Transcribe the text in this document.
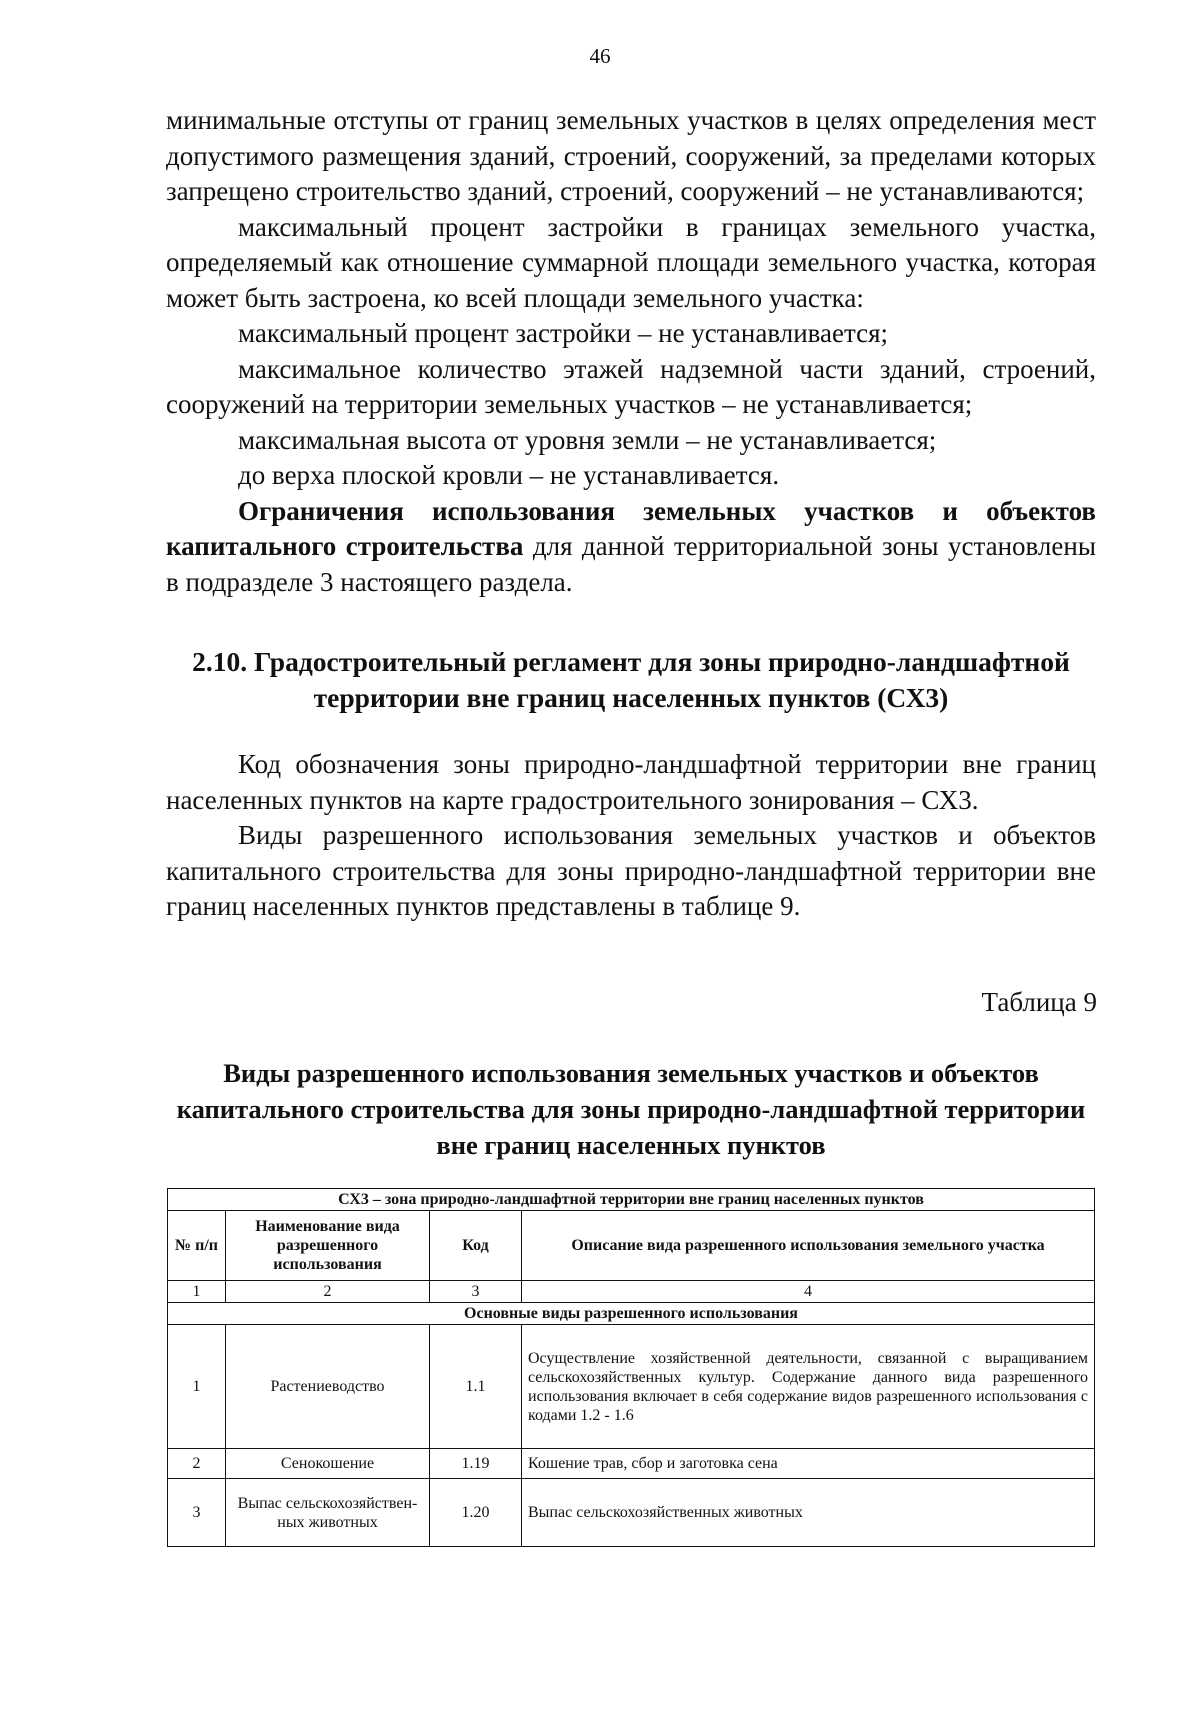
46

минимальные отступы от границ земельных участков в целях определения мест допустимого размещения зданий, строений, сооружений, за пределами которых запрещено строительство зданий, строений, сооружений – не устанавливаются;

максимальный процент застройки в границах земельного участка, определяемый как отношение суммарной площади земельного участка, которая может быть застроена, ко всей площади земельного участка:

максимальный процент застройки – не устанавливается;

максимальное количество этажей надземной части зданий, строений, сооружений на территории земельных участков – не устанавливается;

максимальная высота от уровня земли – не устанавливается;

до верха плоской кровли – не устанавливается.

Ограничения использования земельных участков и объектов капитального строительства для данной территориальной зоны установлены в подразделе 3 настоящего раздела.

2.10. Градостроительный регламент для зоны природно-ландшафтной территории вне границ населенных пунктов (СХ3)

Код обозначения зоны природно-ландшафтной территории вне границ населенных пунктов на карте градостроительного зонирования – СХ3.

Виды разрешенного использования земельных участков и объектов капитального строительства для зоны природно-ландшафтной территории вне границ населенных пунктов представлены в таблице 9.

Таблица 9
Виды разрешенного использования земельных участков и объектов капитального строительства для зоны природно-ландшафтной территории вне границ населенных пунктов
СХ3 – зона природно-ландшафтной территории вне границ населенных пунктов			
№ п/п	Наименование вида разрешенного использования	Код	Описание вида разрешенного использования земельного участка
1	2	3	4
Основные виды разрешенного использования			
1	Растениеводство	1.1	Осуществление хозяйственной деятельности, связанной с выращиванием сельскохозяйственных культур. Содержание данного вида разрешенного использования включает в себя содержание видов разрешенного использования с кодами 1.2 - 1.6
2	Сенокошение	1.19	Кошение трав, сбор и заготовка сена
3	Выпас сельскохозяйствен-ных животных	1.20	Выпас сельскохозяйственных животных
